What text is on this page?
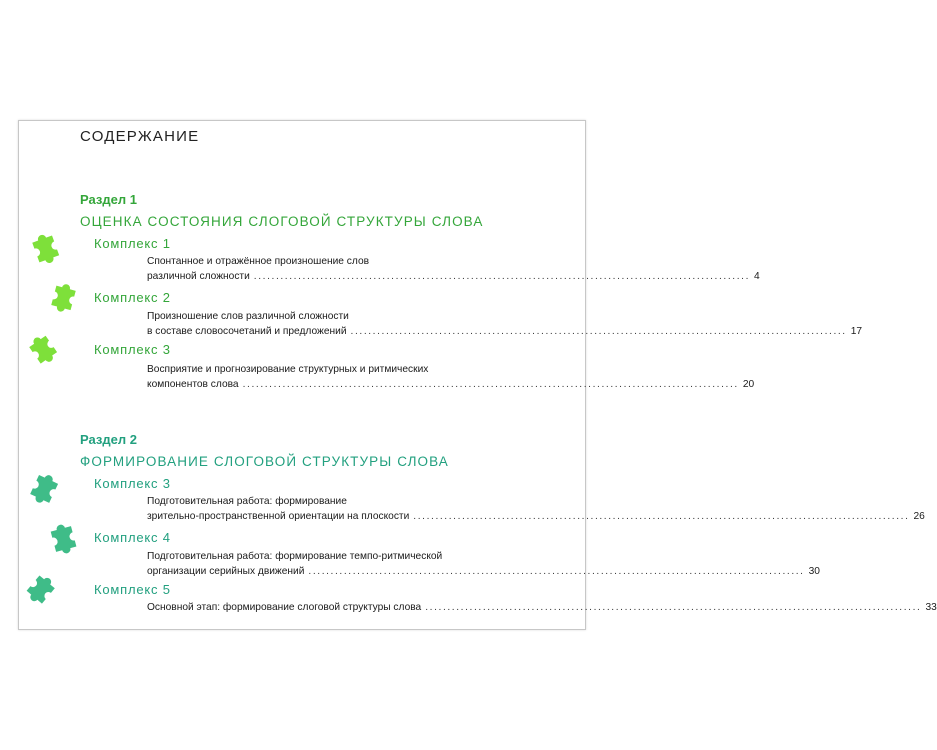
СОДЕРЖАНИЕ
Раздел 1
ОЦЕНКА СОСТОЯНИЯ СЛОГОВОЙ СТРУКТУРЫ СЛОВА
Комплекс 1
Спонтанное и отражённое произношение слов
различной сложности ................................................................................................................ 4
Комплекс 2
Произношение слов различной сложности
в составе словосочетаний и предложений ................................................................................................................ 17
Комплекс 3
Восприятие и прогнозирование структурных и ритмических
компонентов слова ................................................................................................................ 20
Раздел 2
ФОРМИРОВАНИЕ СЛОГОВОЙ СТРУКТУРЫ СЛОВА
Комплекс 3
Подготовительная работа: формирование
зрительно-пространственной ориентации на плоскости ................................................................................................................ 26
Комплекс 4
Подготовительная работа: формирование темпо-ритмической
организации серийных движений ................................................................................................................ 30
Комплекс 5
Основной этап: формирование слоговой структуры слова ................................................................................................................ 33
